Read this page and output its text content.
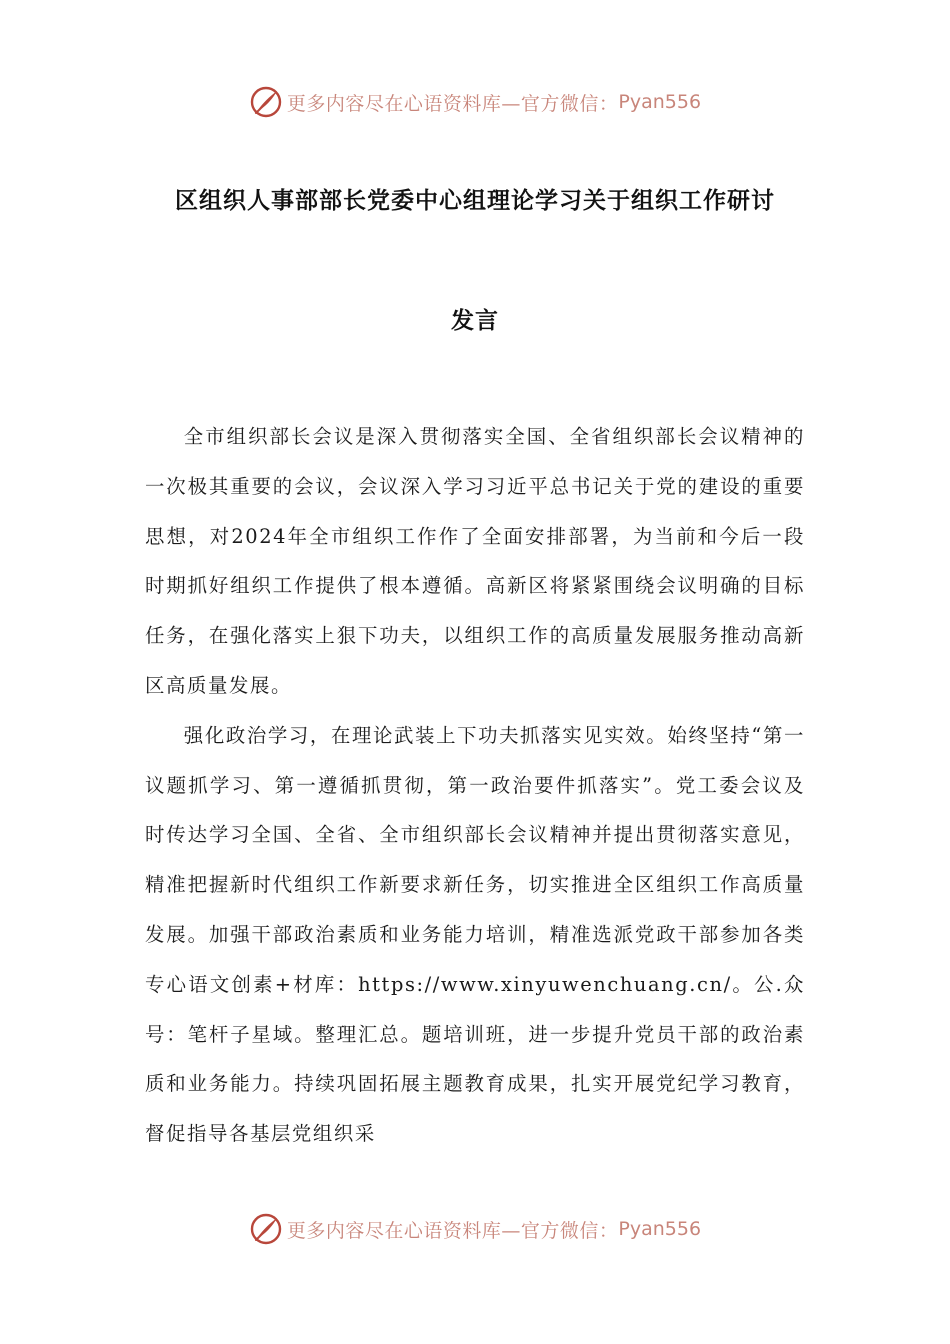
更多内容尽在心语资料库—官方微信： Pyan556
区组织人事部部长党委中心组理论学习关于组织工作研讨
发言

全市组织部长会议是深入贯彻落实全国、全省组织部长会议精神的一次极其重要的会议，会议深入学习习近平总书记关于党的建设的重要思想，对2024年全市组织工作作了全面安排部署，为当前和今后一段时期抓好组织工作提供了根本遵循。高新区将紧紧围绕会议明确的目标任务，在强化落实上狠下功夫，以组织工作的高质量发展服务推动高新区高质量发展。

强化政治学习，在理论武装上下功夫抓落实见实效。始终坚持“第一议题抓学习、第一遵循抓贯彻，第一政治要件抓落实”。党工委会议及时传达学习全国、全省、全市组织部长会议精神并提出贯彻落实意见，精准把握新时代组织工作新要求新任务，切实推进全区组织工作高质量发展。加强干部政治素质和业务能力培训，精准选派党政干部参加各类专心语文创素+材库：https://www.xinyuwenchuang.cn/。公.众号：笔杆子星域。整理汇总。题培训班，进一步提升党员干部的政治素质和业务能力。持续巩固拓展主题教育成果，扎实开展党纪学习教育，督促指导各基层党组织采

更多内容尽在心语资料库—官方微信： Pyan556
